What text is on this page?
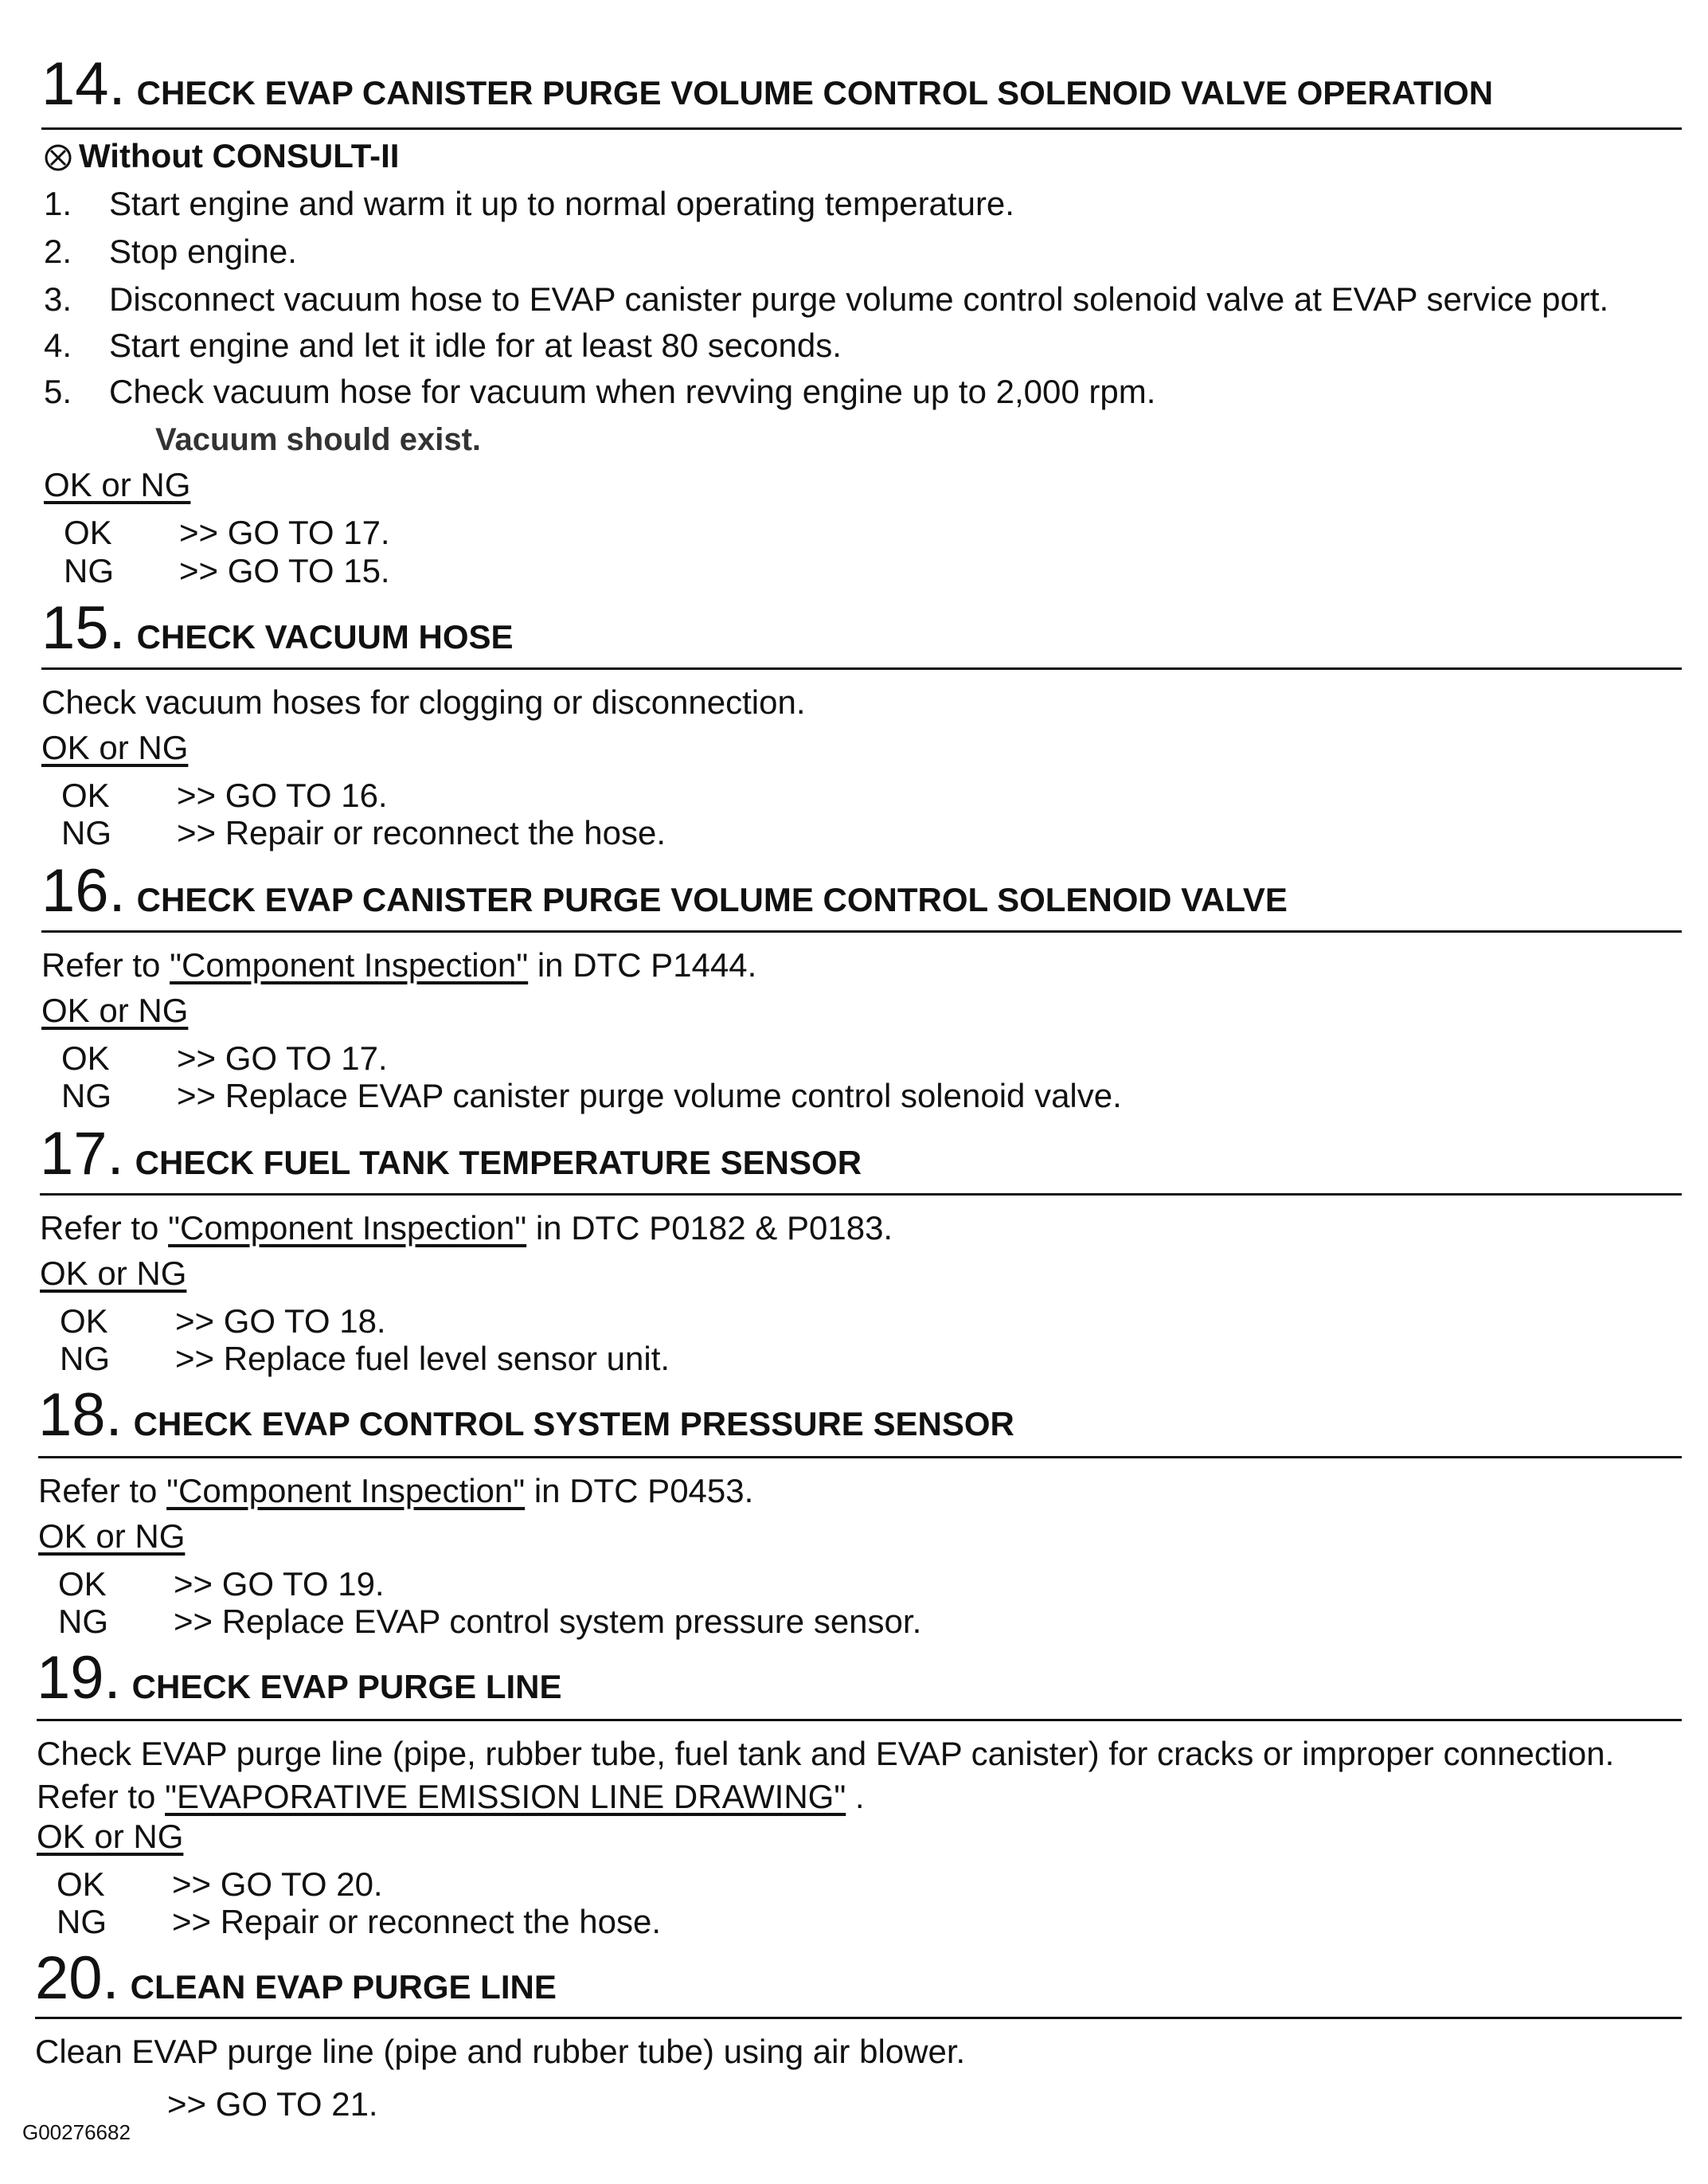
14. CHECK EVAP CANISTER PURGE VOLUME CONTROL SOLENOID VALVE OPERATION
Without CONSULT-II
1. Start engine and warm it up to normal operating temperature.
2. Stop engine.
3. Disconnect vacuum hose to EVAP canister purge volume control solenoid valve at EVAP service port.
4. Start engine and let it idle for at least 80 seconds.
5. Check vacuum hose for vacuum when revving engine up to 2,000 rpm.
Vacuum should exist.
OK or NG
OK >> GO TO 17.
NG >> GO TO 15.
15. CHECK VACUUM HOSE
Check vacuum hoses for clogging or disconnection.
OK or NG
OK >> GO TO 16.
NG >> Repair or reconnect the hose.
16. CHECK EVAP CANISTER PURGE VOLUME CONTROL SOLENOID VALVE
Refer to "Component Inspection" in DTC P1444.
OK or NG
OK >> GO TO 17.
NG >> Replace EVAP canister purge volume control solenoid valve.
17. CHECK FUEL TANK TEMPERATURE SENSOR
Refer to "Component Inspection" in DTC P0182 & P0183.
OK or NG
OK >> GO TO 18.
NG >> Replace fuel level sensor unit.
18. CHECK EVAP CONTROL SYSTEM PRESSURE SENSOR
Refer to "Component Inspection" in DTC P0453.
OK or NG
OK >> GO TO 19.
NG >> Replace EVAP control system pressure sensor.
19. CHECK EVAP PURGE LINE
Check EVAP purge line (pipe, rubber tube, fuel tank and EVAP canister) for cracks or improper connection.
Refer to "EVAPORATIVE EMISSION LINE DRAWING" .
OK or NG
OK >> GO TO 20.
NG >> Repair or reconnect the hose.
20. CLEAN EVAP PURGE LINE
Clean EVAP purge line (pipe and rubber tube) using air blower.
>> GO TO 21.
G00276682
